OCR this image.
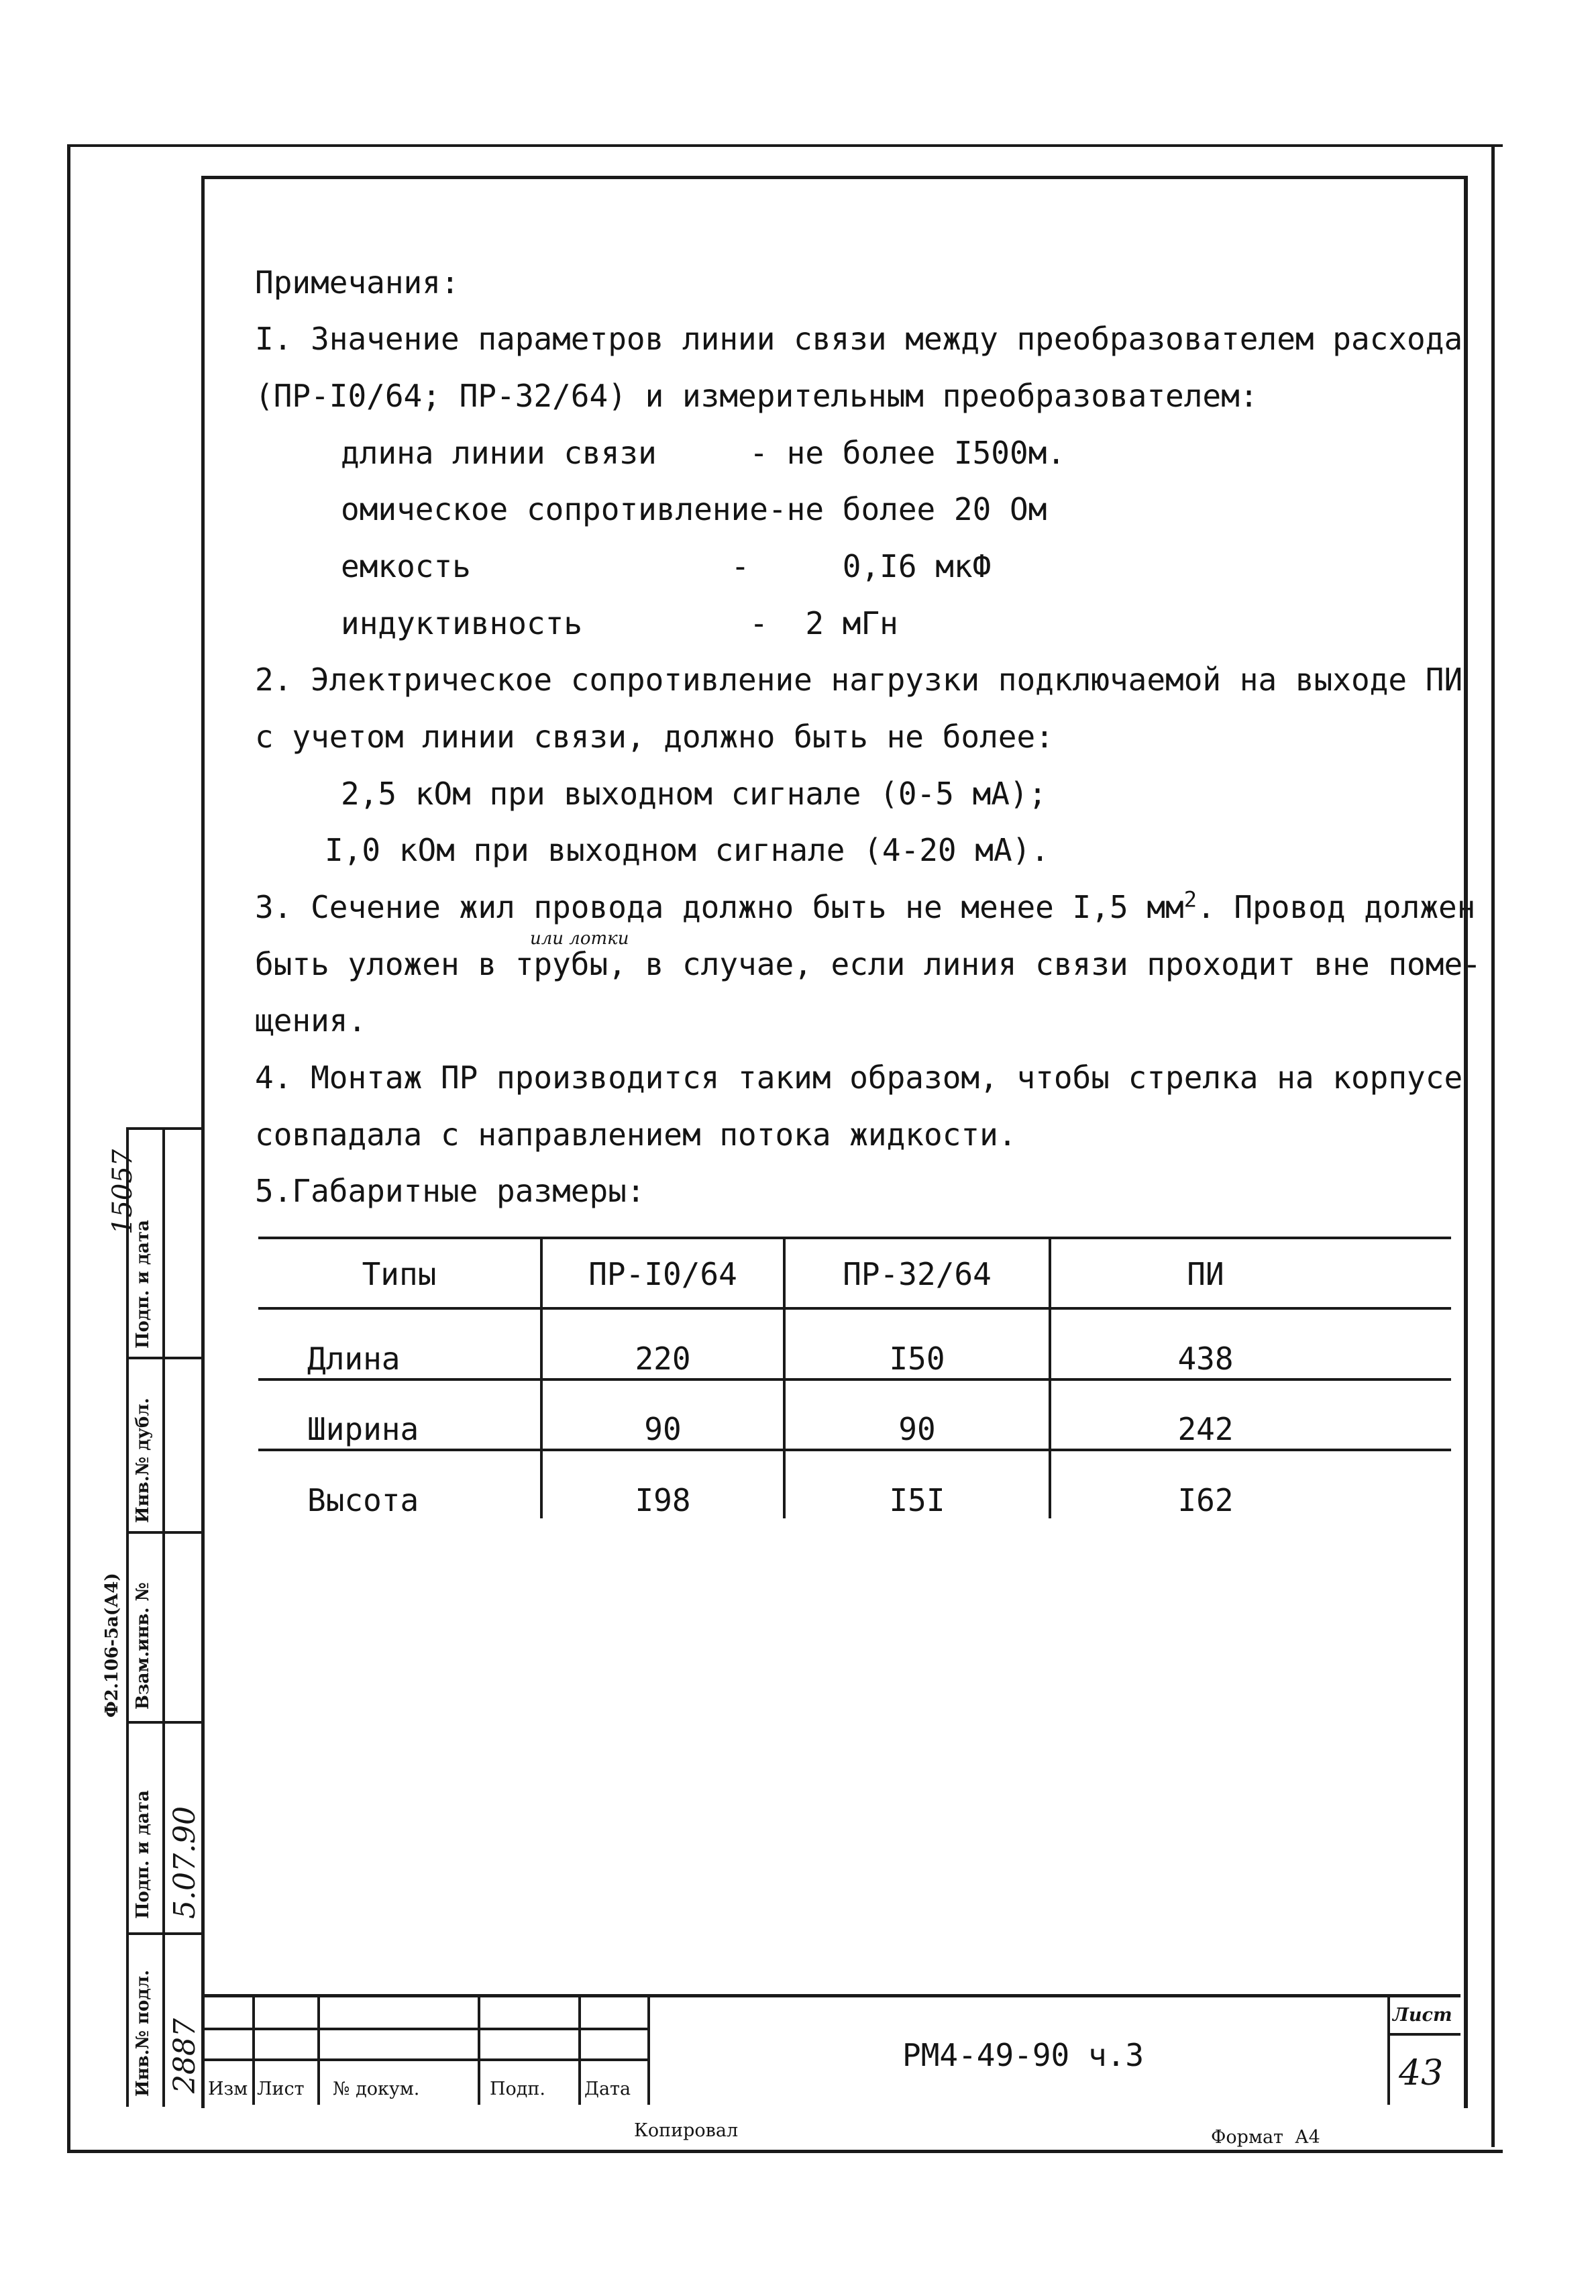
Примечания:
I. Значение параметров линии связи между преобразователем расхода
(ПР-I0/64; ПР-32/64) и измерительным преобразователем:
длина линии связи     - не более I500м.
омическое сопротивление-не более 20 Ом
емкость              -     0,I6 мкФ
индуктивность         -  2 мГн
2. Электрическое сопротивление нагрузки подключаемой на выходе ПИ
с учетом линии связи, должно быть не более:
2,5 кОм при выходном сигнале (0-5 мА);
I,0 кОм при выходном сигнале (4-20 мА).
3. Сечение жил провода должно быть не менее I,5 $мм^2$. Провод должен
или лотки
быть уложен в трубы, в случае, если линия связи проходит вне поме-
щения.
4. Монтаж ПР производится таким образом, чтобы стрелка на корпусе
совпадала с направлением потока жидкости.
5.Габаритные размеры:
Типы	ПР-I0/64	ПР-32/64	ПИ
Длина	220	I50	438
Ширина	90	90	242
Высота	I98	I5I	I62
Изм Лист № докум.	Подп. Дата
РМ4-49-90 ч.3
Лист
43
Копировал	Формат  А4
Ф2.106-5а(А4)
Инв.№ подл.
Подп. и дата
Взам.инв. №
Инв.№ дубл.
Подп. и дата
2887
5.07.90
15057
